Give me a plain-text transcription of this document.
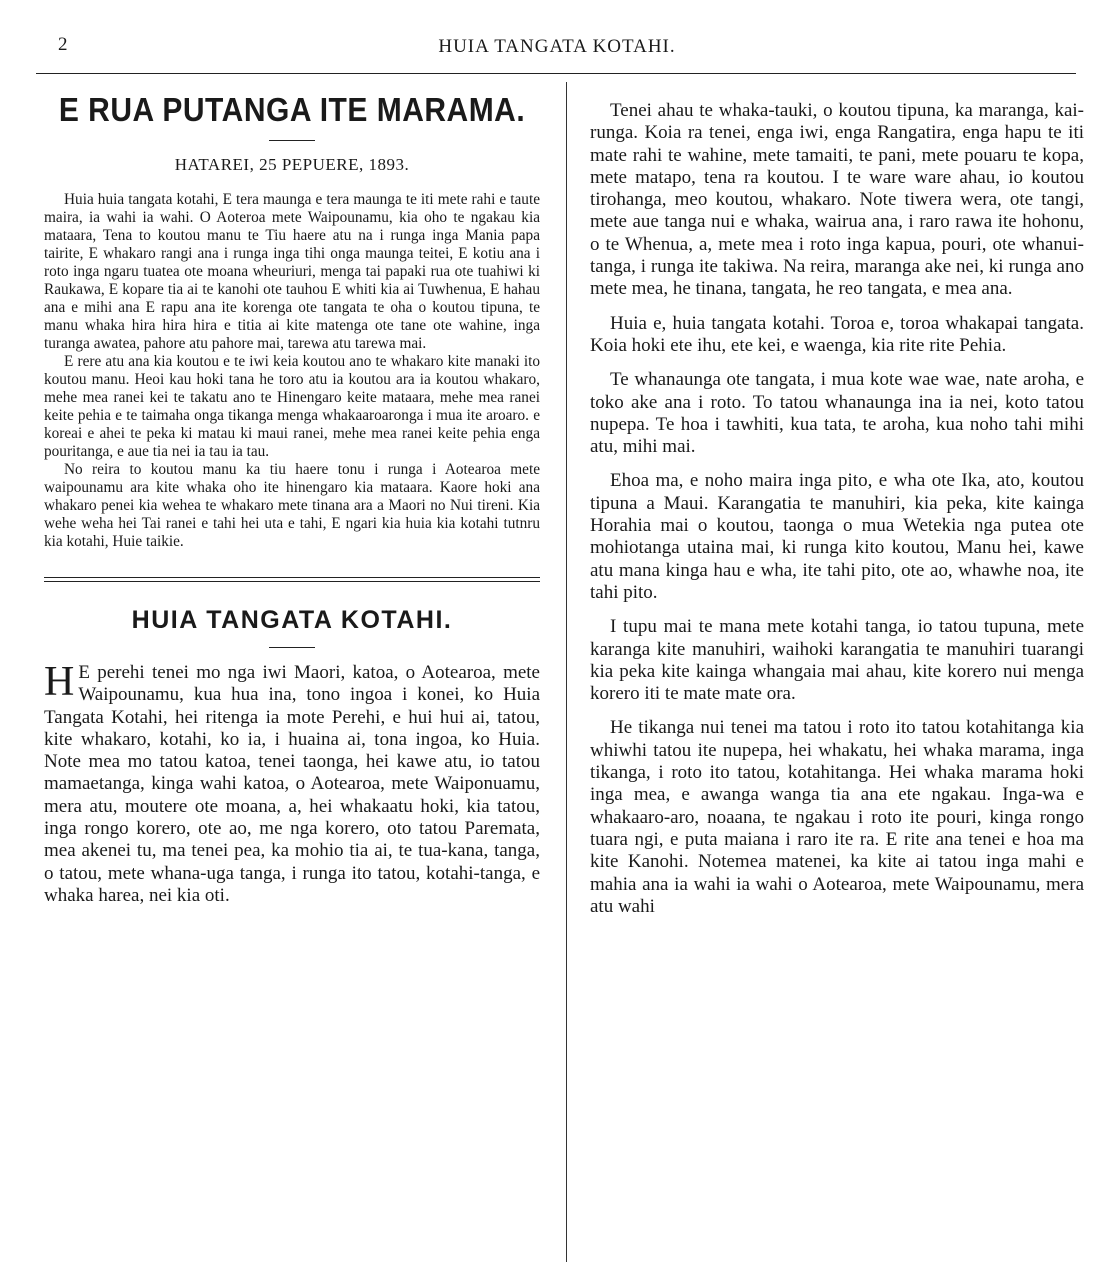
2	HUIA TANGATA KOTAHI.
E RUA PUTANGA ITE MARAMA.
HATAREI, 25 PEPUERE, 1893.

Huia huia tangata kotahi, E tera maunga e tera maunga te iti mete rahi e taute maira, ia wahi ia wahi. O Aoteroa mete Waipounamu, kia oho te ngakau kia mataara, Tena to koutou manu te Tiu haere atu na i runga inga Mania papa tairite, E whakaro rangi ana i runga inga tihi onga maunga teitei, E kotiu ana i roto inga ngaru tuatea ote moana wheuriuri, menga tai papaki rua ote tuahiwi ki Raukawa, E kopare tia ai te kanohi ote tauhou E whiti kia ai Tuwhenua, E hahau ana e mihi ana E rapu ana ite korenga ote tangata te oha o koutou tipuna, te manu whaka hira hira hira e titia ai kite matenga ote tane ote wahine, inga turanga awatea, pahore atu pahore mai, tarewa atu tarewa mai.

E rere atu ana kia koutou e te iwi keia koutou ano te whakaro kite manaki ito koutou manu. Heoi kau hoki tana he toro atu ia koutou ara ia koutou whakaro, mehe mea ranei kei te takatu ano te Hinengaro keite mataara, mehe mea ranei keite pehia e te taimaha onga tikanga menga whakaaroaronga i mua ite aroaro. e koreai e ahei te peka ki matau ki maui ranei, mehe mea ranei keite pehia enga pouritanga, e aue tia nei ia tau ia tau.

No reira to koutou manu ka tiu haere tonu i runga i Aotearoa mete waipounamu ara kite whaka oho ite hinengaro kia mataara. Kaore hoki ana whakaro penei kia wehea te whakaro mete tinana ara a Maori no Nui tireni. Kia wehe weha hei Tai ranei e tahi hei uta e tahi, E ngari kia huia kia kotahi tutnru kia kotahi, Huie taikie.

HUIA TANGATA KOTAHI.

H E perehi tenei mo nga iwi Maori, katoa, o Aotearoa, mete Waipounamu, kua hua ina, tono ingoa i konei, ko Huia Tangata Kotahi, hei ritenga ia mote Perehi, e hui hui ai, tatou, kite whakaro, kotahi, ko ia, i huaina ai, tona ingoa, ko Huia. Note mea mo tatou katoa, tenei taonga, hei kawe atu, io tatou mamaetanga, kinga wahi katoa, o Aotearoa, mete Waiponuamu, mera atu, moutere ote moana, a, hei whakaatu hoki, kia tatou, inga rongo korero, ote ao, me nga korero, oto tatou Paremata, mea akenei tu, ma tenei pea, ka mohio tia ai, te tua-kana, tanga, o tatou, mete whana-uga tanga, i runga ito tatou, kotahi-tanga, e whaka harea, nei kia oti.

Tenei ahau te whaka-tauki, o koutou tipuna, ka maranga, kai-runga. Koia ra tenei, enga iwi, enga Rangatira, enga hapu te iti mate rahi te wahine, mete tamaiti, te pani, mete pouaru te kopa, mete matapo, tena ra koutou. I te ware ware ahau, io koutou tirohanga, meo koutou, whakaro. Note tiwera wera, ote tangi, mete aue tanga nui e whaka, wairua ana, i raro rawa ite hohonu, o te Whenua, a, mete mea i roto inga kapua, pouri, ote whanui-tanga, i runga ite takiwa. Na reira, maranga ake nei, ki runga ano mete mea, he tinana, tangata, he reo tangata, e mea ana.

Huia e, huia tangata kotahi. Toroa e, toroa whakapai tangata. Koia hoki ete ihu, ete kei, e waenga, kia rite rite Pehia.

Te whanaunga ote tangata, i mua kote wae wae, nate aroha, e toko ake ana i roto. To tatou whanaunga ina ia nei, koto tatou nupepa. Te hoa i tawhiti, kua tata, te aroha, kua noho tahi mihi atu, mihi mai.

Ehoa ma, e noho maira inga pito, e wha ote Ika, ato, koutou tipuna a Maui. Karangatia te manuhiri, kia peka, kite kainga Horahia mai o koutou, taonga o mua Wetekia nga putea ote mohiotanga utaina mai, ki runga kito koutou, Manu hei, kawe atu mana kinga hau e wha, ite tahi pito, ote ao, whawhe noa, ite tahi pito.

I tupu mai te mana mete kotahi tanga, io tatou tupuna, mete karanga kite manuhiri, waihoki karangatia te manuhiri tuarangi kia peka kite kainga whangaia mai ahau, kite korero nui menga korero iti te mate mate ora.

He tikanga nui tenei ma tatou i roto ito tatou kotahitanga kia whiwhi tatou ite nupepa, hei whakatu, hei whaka marama, inga tikanga, i roto ito tatou, kotahitanga. Hei whaka marama hoki inga mea, e awanga wanga tia ana ete ngakau. Inga-wa e whakaaro-aro, noaana, te ngakau i roto ite pouri, kinga rongo tuara ngi, e puta maiana i raro ite ra. E rite ana tenei e hoa ma kite Kanohi. Notemea matenei, ka kite ai tatou inga mahi e mahia ana ia wahi ia wahi o Aotearoa, mete Waipounamu, mera atu wahi
